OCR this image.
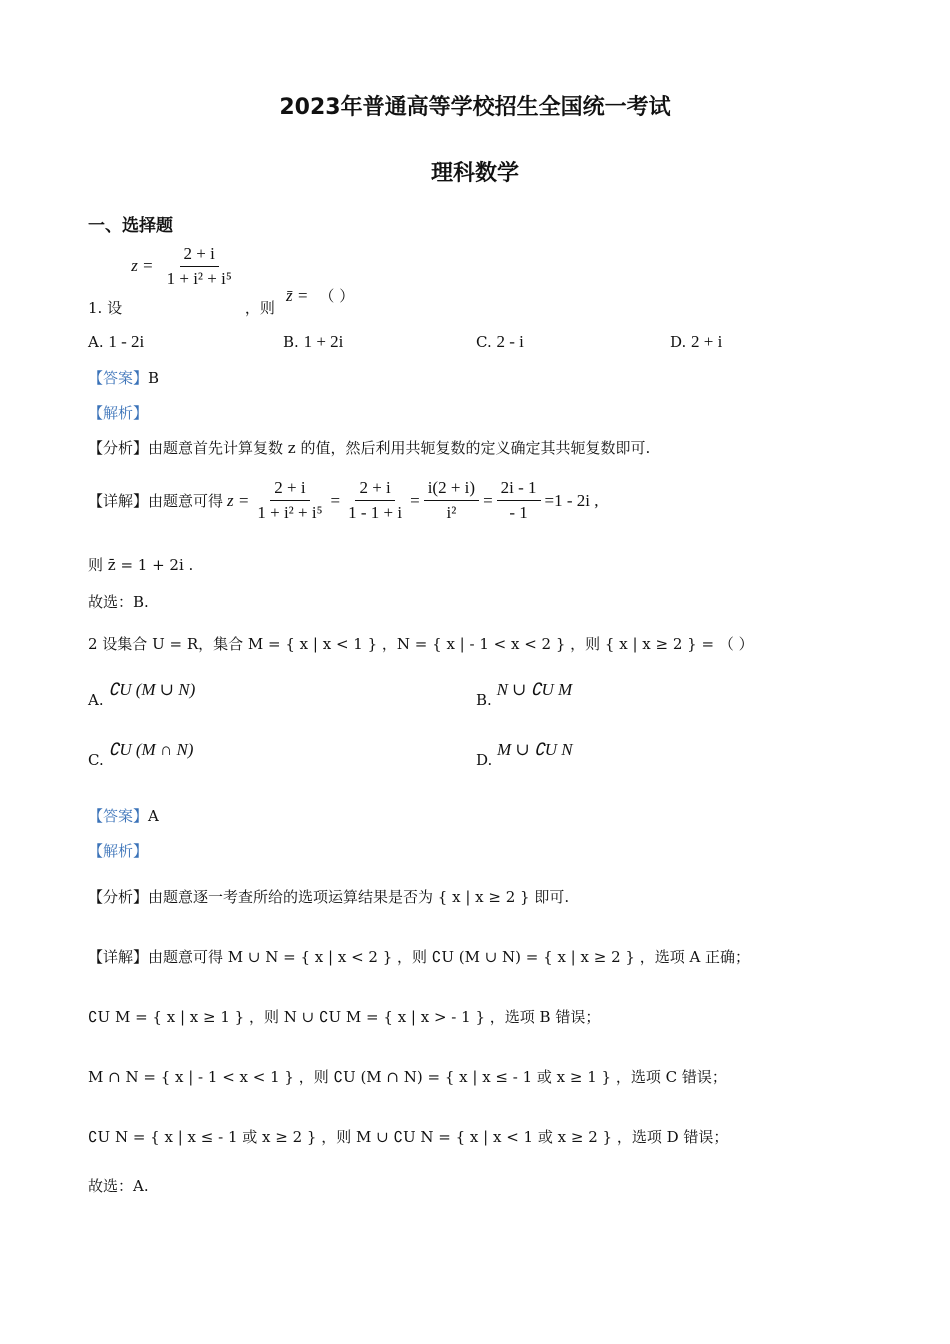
2023年普通高等学校招生全国统一考试
理科数学
一、选择题
1. 设 $z = \frac{2 + i}{\text{1 + i² + i⁵}}$
，则 z̄ = （ ）
A. 1 - 2i	B. 1 + 2i	C. 2 - i	D. 2 + i
【答案】B
【解析】
【分析】由题意首先计算复数 z 的值，然后利用共轭复数的定义确定其共轭复数即可.
【详解】 由题意可得 $z = \frac{2 + i}{\text{1 + i² + i⁵}} = \frac{2 + i}{1 - 1 + i} = \frac{i(2 + i)}{\text{i²}} = \frac{2i - 1}{- 1} =1 - 2i$ ,
则 z̄ = 1 + 2i .
故选：B.
2 设集合 U = R，集合 M = { x | x < 1 } ，N = { x | - 1 < x < 2 } ，则 { x | x ≥ 2 } = （ ）
A. ∁U (M ∪ N)
B. N ∪ ∁U M
C. ∁U (M ∩ N)
D. M ∪ ∁U N
【答案】A
【解析】
【分析】由题意逐一考查所给的选项运算结果是否为 { x | x ≥ 2 } 即可.
【详解】由题意可得 M ∪ N = { x | x < 2 } ，则 ∁U (M ∪ N) = { x | x ≥ 2 } ，选项 A 正确；
∁U M = { x | x ≥ 1 } ，则 N ∪ ∁U M = { x | x > - 1 } ，选项 B 错误；
M ∩ N = { x | - 1 < x < 1 } ，则 ∁U (M ∩ N) = { x | x ≤ - 1 或 x ≥ 1 } ，选项 C 错误；
∁U N = { x | x ≤ - 1 或 x ≥ 2 } ，则 M ∪ ∁U N = { x | x < 1 或 x ≥ 2 } ，选项 D 错误；
故选：A.
